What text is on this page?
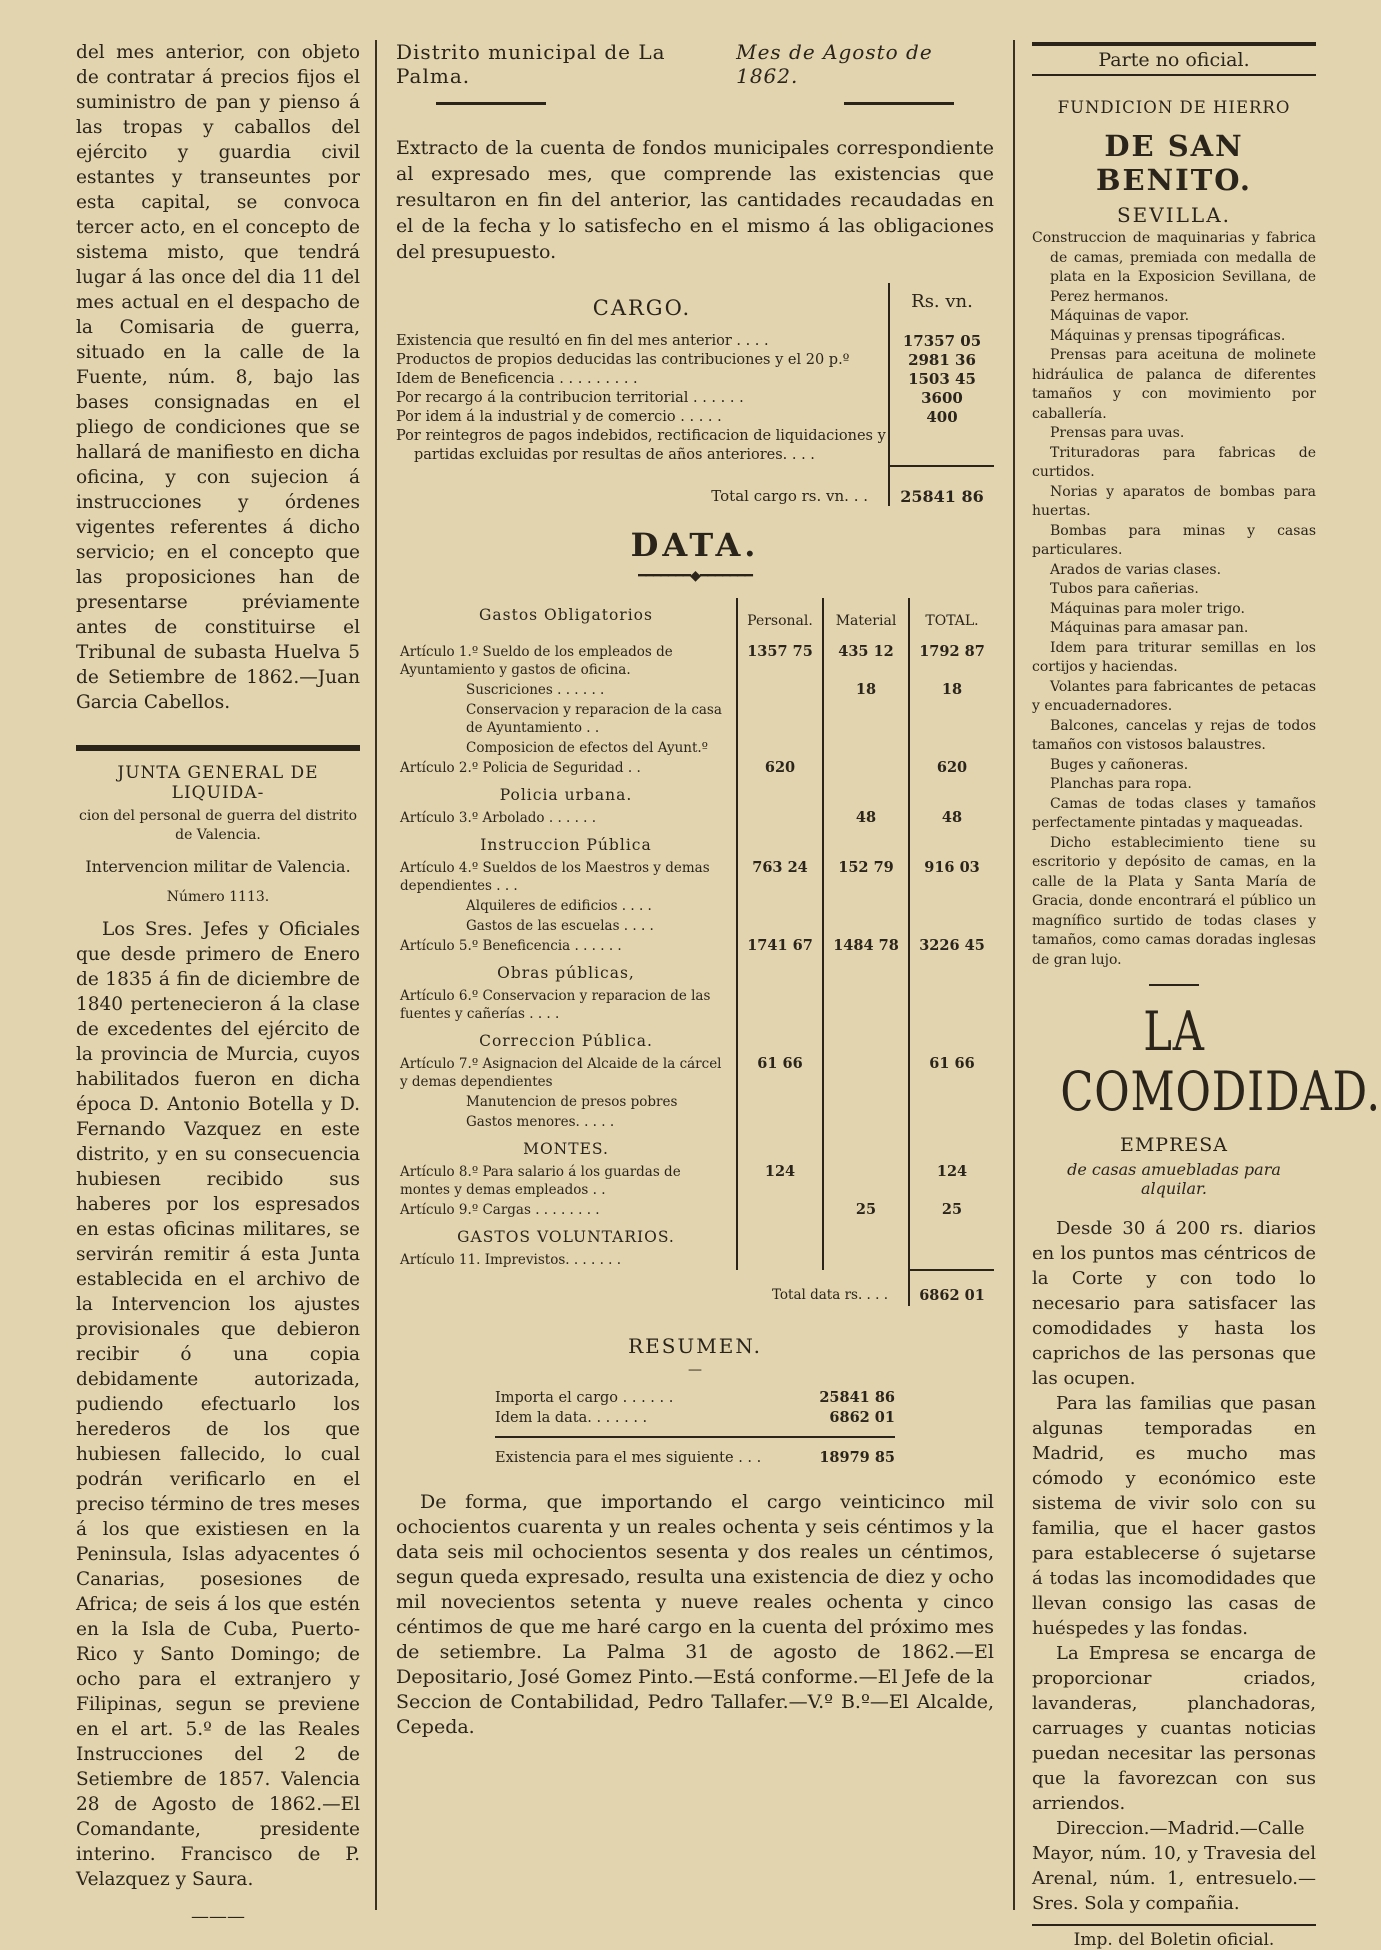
del mes anterior, con objeto de contratar á precios fijos el suministro de pan y pienso á las tropas y caballos del ejército y guardia civil estantes y transeuntes por esta capital, se convoca tercer acto, en el concepto de sistema misto, que tendrá lugar á las once del dia 11 del mes actual en el despacho de la Comisaria de guerra, situado en la calle de la Fuente, núm. 8, bajo las bases consignadas en el pliego de condiciones que se hallará de manifiesto en dicha oficina, y con sujecion á instrucciones y órdenes vigentes referentes á dicho servicio; en el concepto que las proposiciones han de presentarse préviamente antes de constituirse el Tribunal de subasta Huelva 5 de Setiembre de 1862.—Juan Garcia Cabellos.

JUNTA GENERAL DE LIQUIDA-
cion del personal de guerra del distrito de Valencia.
Intervencion militar de Valencia.
Número 1113.

Los Sres. Jefes y Oficiales que desde primero de Enero de 1835 á fin de diciembre de 1840 pertenecieron á la clase de excedentes del ejército de la provincia de Murcia, cuyos habilitados fueron en dicha época D. Antonio Botella y D. Fernando Vazquez en este distrito, y en su consecuencia hubiesen recibido sus haberes por los espresados en estas oficinas militares, se servirán remitir á esta Junta establecida en el archivo de la Intervencion los ajustes provisionales que debieron recibir ó una copia debidamente autorizada, pudiendo efectuarlo los herederos de los que hubiesen fallecido, lo cual podrán verificarlo en el preciso término de tres meses á los que existiesen en la Peninsula, Islas adyacentes ó Canarias, posesiones de Africa; de seis á los que estén en la Isla de Cuba, Puerto-Rico y Santo Domingo; de ocho para el extranjero y Filipinas, segun se previene en el art. 5.º de las Reales Instrucciones del 2 de Setiembre de 1857. Valencia 28 de Agosto de 1862.—El Comandante, presidente interino. Francisco de P. Velazquez y Saura.

———
Distrito municipal de La Palma.
Mes de Agosto de 1862.

Extracto de la cuenta de fondos municipales correspondiente al expresado mes, que comprende las existencias que resultaron en fin del anterior, las cantidades recaudadas en el de la fecha y lo satisfecho en el mismo á las obligaciones del presupuesto.

CARGO.	Rs. vn.
Existencia que resultó en fin del mes anterior . . . .	17357 05
Productos de propios deducidas las contribuciones y el 20 p.º	2981 36
Idem de Beneficencia . . . . . . . . .	1503 45
Por recargo á la contribucion territorial . . . . . .	3600
Por idem á la industrial y de comercio . . . . .	400
Por reintegros de pagos indebidos, rectificacion de liquidaciones y partidas excluidas por resultas de años anteriores. . . .
Total cargo rs. vn. . .	25841 86
DATA.
━━━━━━━◆━━━━━━━
Gastos Obligatorios	Personal.	Material	TOTAL.
Artículo 1.º Sueldo de los empleados de Ayuntamiento y gastos de oficina.	1357 75	435 12	1792 87
Suscriciones . . . . . .		18	18
Conservacion y reparacion de la casa de Ayuntamiento . .			
Composicion de efectos del Ayunt.º			
Artículo 2.º Policia de Seguridad . .	620		620
Policia urbana.			
Artículo 3.º Arbolado . . . . . .		48	48
Instruccion Pública			
Artículo 4.º Sueldos de los Maestros y demas dependientes . . .	763 24	152 79	916 03
Alquileres de edificios . . . .			
Gastos de las escuelas . . . .			
Artículo 5.º Beneficencia . . . . . .	1741 67	1484 78	3226 45
Obras públicas,			
Artículo 6.º Conservacion y reparacion de las fuentes y cañerías . . . .			
Correccion Pública.			
Artículo 7.º Asignacion del Alcaide de la cárcel y demas dependientes	61 66		61 66
Manutencion de presos pobres			
Gastos menores. . . . .			
MONTES.			
Artículo 8.º Para salario á los guardas de montes y demas empleados . .	124		124
Artículo 9.º Cargas . . . . . . . .		25	25
GASTOS VOLUNTARIOS.			
Artículo 11. Imprevistos. . . . . . .			
Total data rs. . . .			6862 01
RESUMEN.
—
Importa el cargo . . . . . .	25841 86
Idem la data. . . . . . .	6862 01
Existencia para el mes siguiente . . .	18979 85

De forma, que importando el cargo veinticinco mil ochocientos cuarenta y un reales ochenta y seis céntimos y la data seis mil ochocientos sesenta y dos reales un céntimos, segun queda expresado, resulta una existencia de diez y ocho mil novecientos setenta y nueve reales ochenta y cinco céntimos de que me haré cargo en la cuenta del próximo mes de setiembre. La Palma 31 de agosto de 1862.—El Depositario, José Gomez Pinto.—Está conforme.—El Jefe de la Seccion de Contabilidad, Pedro Tallafer.—V.º B.º—El Alcalde, Cepeda.

Parte no oficial.
FUNDICION DE HIERRO
DE SAN BENITO.
SEVILLA.

Construccion de maquinarias y fabrica de camas, premiada con medalla de plata en la Exposicion Sevillana, de Perez hermanos.

Máquinas de vapor.

Máquinas y prensas tipográficas.

Prensas para aceituna de molinete hidráulica de palanca de diferentes tamaños y con movimiento por caballería.

Prensas para uvas.

Trituradoras para fabricas de curtidos.

Norias y aparatos de bombas para huertas.

Bombas para minas y casas particulares.

Arados de varias clases.

Tubos para cañerias.

Máquinas para moler trigo.

Máquinas para amasar pan.

Idem para triturar semillas en los cortijos y haciendas.

Volantes para fabricantes de petacas y encuadernadores.

Balcones, cancelas y rejas de todos tamaños con vistosos balaustres.

Buges y cañoneras.

Planchas para ropa.

Camas de todas clases y tamaños perfectamente pintadas y maqueadas.

Dicho establecimiento tiene su escritorio y depósito de camas, en la calle de la Plata y Santa María de Gracia, donde encontrará el público un magnífico surtido de todas clases y tamaños, como camas doradas inglesas de gran lujo.

LA COMODIDAD.
EMPRESA
de casas amuebladas para alquilar.

Desde 30 á 200 rs. diarios en los puntos mas céntricos de la Corte y con todo lo necesario para satisfacer las comodidades y hasta los caprichos de las personas que las ocupen.

Para las familias que pasan algunas temporadas en Madrid, es mucho mas cómodo y económico este sistema de vivir solo con su familia, que el hacer gastos para establecerse ó sujetarse á todas las incomodidades que llevan consigo las casas de huéspedes y las fondas.

La Empresa se encarga de proporcionar criados, lavanderas, planchadoras, carruages y cuantas noticias puedan necesitar las personas que la favorezcan con sus arriendos.

Direccion.—Madrid.—Calle Mayor, núm. 10, y Travesia del Arenal, núm. 1, entresuelo.—Sres. Sola y compañia.

Imp. del Boletin oficial.
